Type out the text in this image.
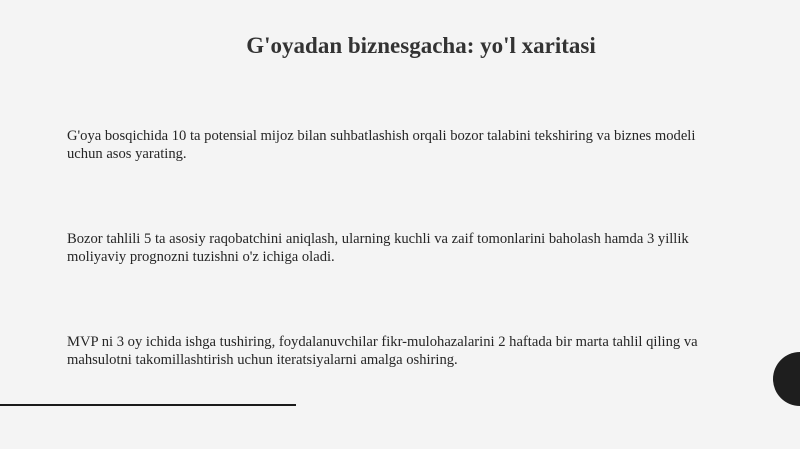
G'oyadan biznesgacha: yo'l xaritasi
G'oya bosqichida 10 ta potensial mijoz bilan suhbatlashish orqali bozor talabini tekshiring va biznes modeli uchun asos yarating.
Bozor tahlili 5 ta asosiy raqobatchini aniqlash, ularning kuchli va zaif tomonlarini baholash hamda 3 yillik moliyaviy prognozni tuzishni o'z ichiga oladi.
MVP ni 3 oy ichida ishga tushiring, foydalanuvchilar fikr-mulohazalarini 2 haftada bir marta tahlil qiling va mahsulotni takomillashtirish uchun iteratsiyalarni amalga oshiring.
